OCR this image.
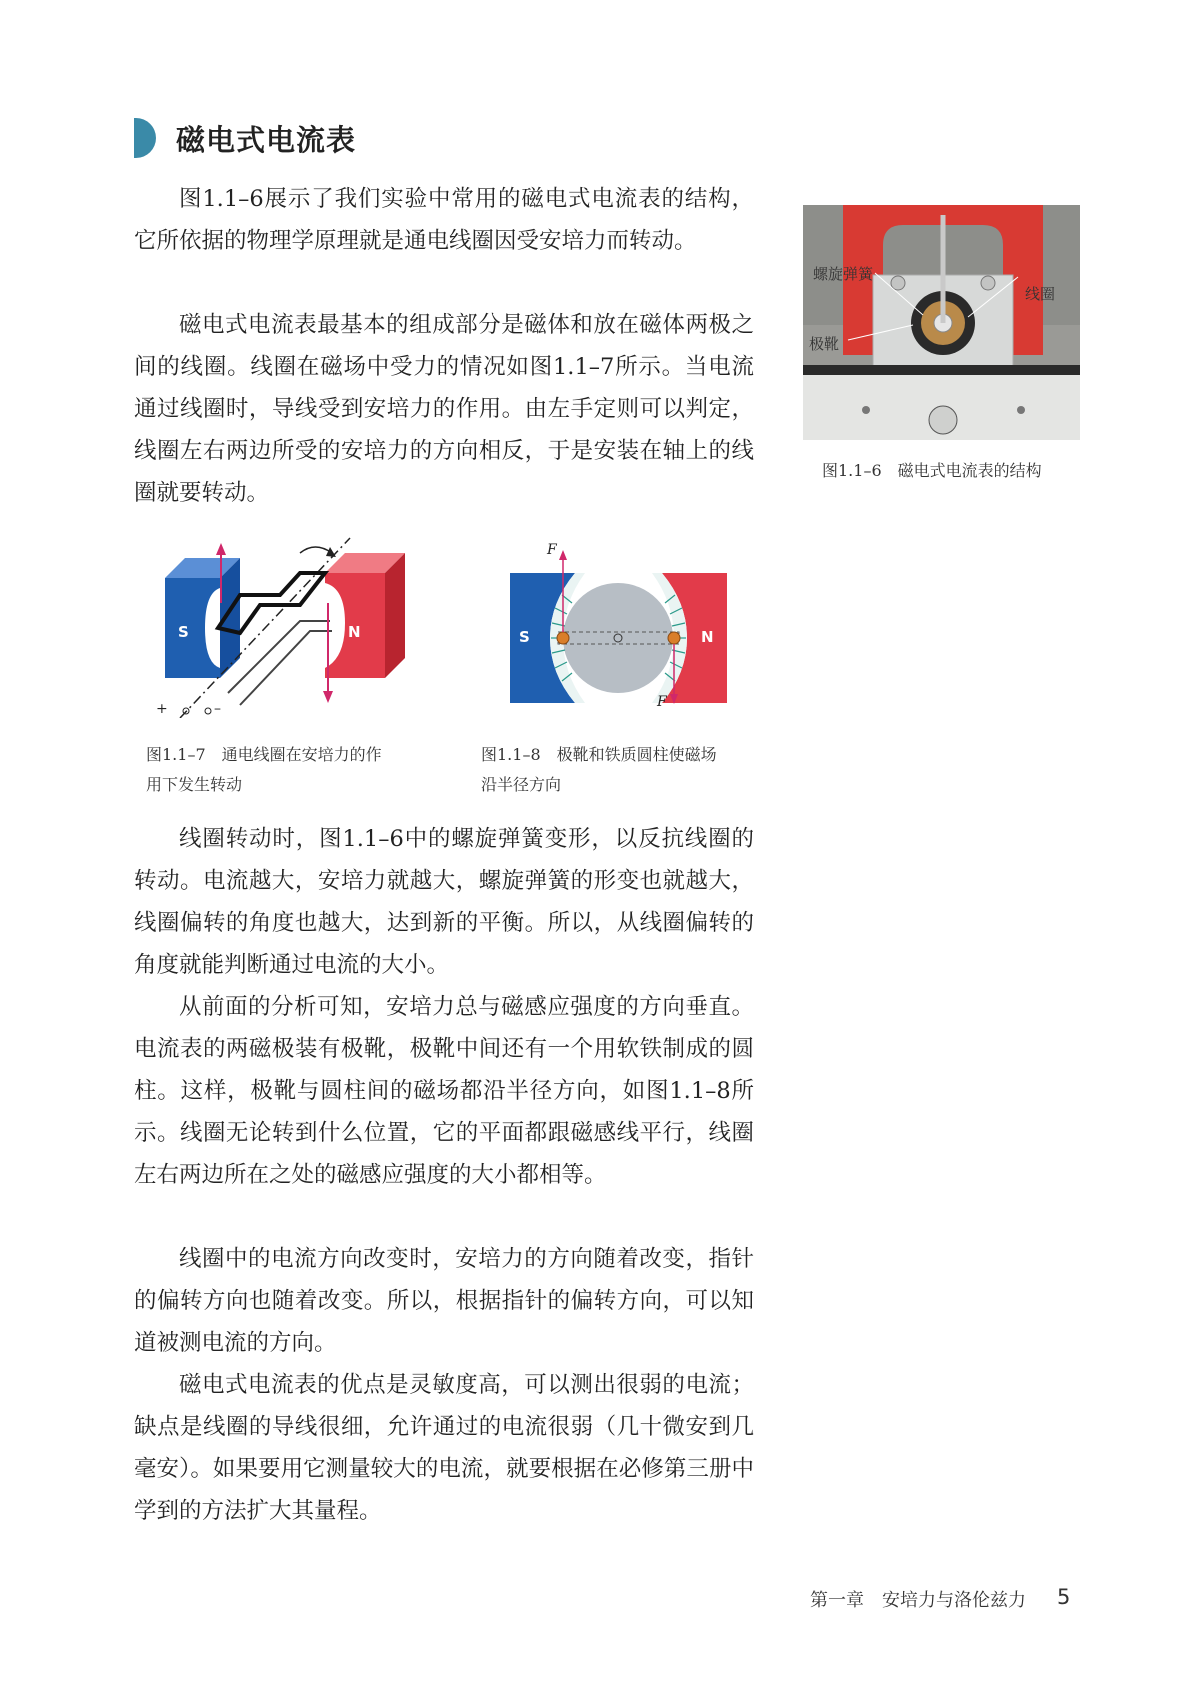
磁电式电流表

图1.1–6展示了我们实验中常用的磁电式电流表的结构，它所依据的物理学原理就是通电线圈因受安培力而转动。

磁电式电流表最基本的组成部分是磁体和放在磁体两极之间的线圈。线圈在磁场中受力的情况如图1.1–7所示。当电流通过线圈时，导线受到安培力的作用。由左手定则可以判定，线圈左右两边所受的安培力的方向相反，于是安装在轴上的线圈就要转动。

螺旋弹簧
线圈
极靴
图1.1–6　磁电式电流表的结构
S	N
+	–
图1.1–7　通电线圈在安培力的作
用下发生转动
S	N
F
F
图1.1–8　极靴和铁质圆柱使磁场
沿半径方向

线圈转动时，图1.1–6中的螺旋弹簧变形，以反抗线圈的转动。电流越大，安培力就越大，螺旋弹簧的形变也就越大，线圈偏转的角度也越大，达到新的平衡。所以，从线圈偏转的角度就能判断通过电流的大小。

从前面的分析可知，安培力总与磁感应强度的方向垂直。电流表的两磁极装有极靴，极靴中间还有一个用软铁制成的圆柱。这样，极靴与圆柱间的磁场都沿半径方向，如图1.1–8所示。线圈无论转到什么位置，它的平面都跟磁感线平行，线圈左右两边所在之处的磁感应强度的大小都相等。

线圈中的电流方向改变时，安培力的方向随着改变，指针的偏转方向也随着改变。所以，根据指针的偏转方向，可以知道被测电流的方向。

磁电式电流表的优点是灵敏度高，可以测出很弱的电流；缺点是线圈的导线很细，允许通过的电流很弱（几十微安到几毫安）。如果要用它测量较大的电流，就要根据在必修第三册中学到的方法扩大其量程。

第一章　安培力与洛伦兹力 5
